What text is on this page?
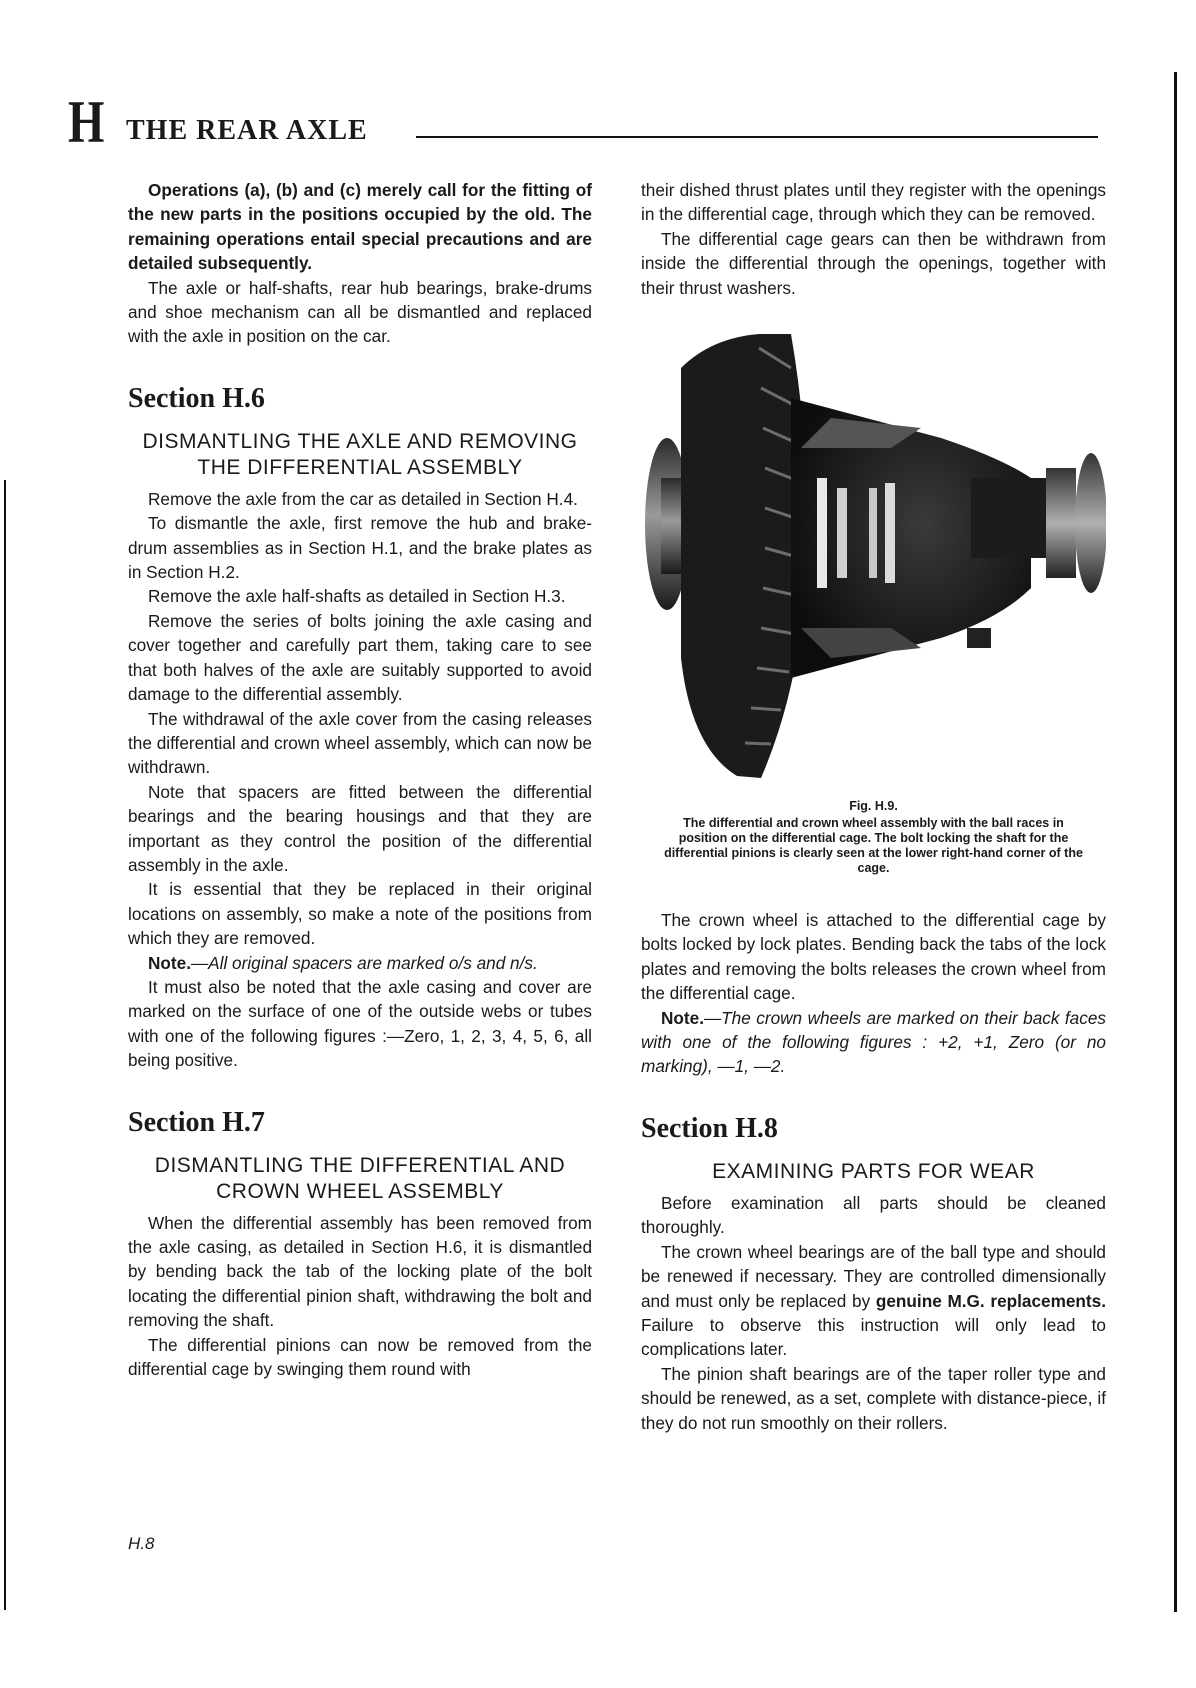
H THE REAR AXLE

Operations (a), (b) and (c) merely call for the fitting of the new parts in the positions occupied by the old. The remaining operations entail special precautions and are detailed subsequently.

The axle or half-shafts, rear hub bearings, brake-drums and shoe mechanism can all be dismantled and replaced with the axle in position on the car.

Section H.6

DISMANTLING THE AXLE AND REMOVING THE DIFFERENTIAL ASSEMBLY

Remove the axle from the car as detailed in Section H.4.

To dismantle the axle, first remove the hub and brake-drum assemblies as in Section H.1, and the brake plates as in Section H.2.

Remove the axle half-shafts as detailed in Section H.3.

Remove the series of bolts joining the axle casing and cover together and carefully part them, taking care to see that both halves of the axle are suitably supported to avoid damage to the differential assembly.

The withdrawal of the axle cover from the casing releases the differential and crown wheel assembly, which can now be withdrawn.

Note that spacers are fitted between the differential bearings and the bearing housings and that they are important as they control the position of the differential assembly in the axle.

It is essential that they be replaced in their original locations on assembly, so make a note of the positions from which they are removed.

Note.—All original spacers are marked o/s and n/s.

It must also be noted that the axle casing and cover are marked on the surface of one of the outside webs or tubes with one of the following figures :—Zero, 1, 2, 3, 4, 5, 6, all being positive.

Section H.7

DISMANTLING THE DIFFERENTIAL AND CROWN WHEEL ASSEMBLY

When the differential assembly has been removed from the axle casing, as detailed in Section H.6, it is dismantled by bending back the tab of the locking plate of the bolt locating the differential pinion shaft, withdrawing the bolt and removing the shaft.

The differential pinions can now be removed from the differential cage by swinging them round with

their dished thrust plates until they register with the openings in the differential cage, through which they can be removed.

The differential cage gears can then be withdrawn from inside the differential through the openings, together with their thrust washers.

Fig. H.9.

The differential and crown wheel assembly with the ball races in position on the differential cage. The bolt locking the shaft for the differential pinions is clearly seen at the lower right-hand corner of the cage.

The crown wheel is attached to the differential cage by bolts locked by lock plates. Bending back the tabs of the lock plates and removing the bolts releases the crown wheel from the differential cage.

Note.—The crown wheels are marked on their back faces with one of the following figures : +2, +1, Zero (or no marking), —1, —2.

Section H.8

EXAMINING PARTS FOR WEAR

Before examination all parts should be cleaned thoroughly.

The crown wheel bearings are of the ball type and should be renewed if necessary. They are controlled dimensionally and must only be replaced by genuine M.G. replacements. Failure to observe this instruction will only lead to complications later.

The pinion shaft bearings are of the taper roller type and should be renewed, as a set, complete with distance-piece, if they do not run smoothly on their rollers.

H.8
